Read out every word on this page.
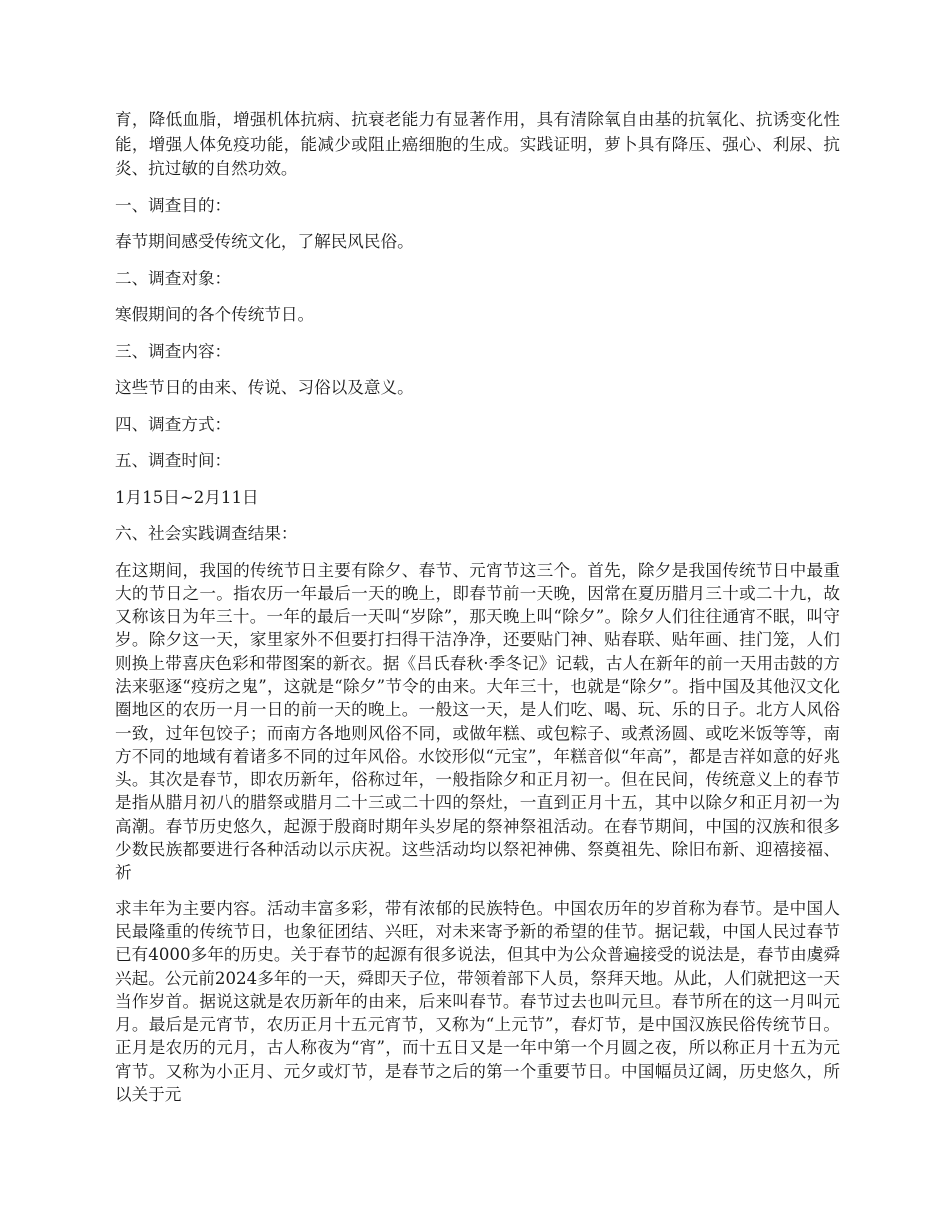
育，降低血脂，增强机体抗病、抗衰老能力有显著作用，具有清除氧自由基的抗氧化、抗诱变化性能，增强人体免疫功能，能减少或阻止癌细胞的生成。实践证明，萝卜具有降压、强心、利尿、抗炎、抗过敏的自然功效。

一、调查目的：

春节期间感受传统文化，了解民风民俗。

二、调查对象：

寒假期间的各个传统节日。

三、调查内容：

这些节日的由来、传说、习俗以及意义。

四、调查方式：

五、调查时间：

1月15日~2月11日

六、社会实践调查结果：

在这期间，我国的传统节日主要有除夕、春节、元宵节这三个。首先，除夕是我国传统节日中最重大的节日之一。指农历一年最后一天的晚上，即春节前一天晚，因常在夏历腊月三十或二十九，故又称该日为年三十。一年的最后一天叫“岁除”，那天晚上叫“除夕”。除夕人们往往通宵不眠，叫守岁。除夕这一天，家里家外不但要打扫得干洁净净，还要贴门神、贴春联、贴年画、挂门笼，人们则换上带喜庆色彩和带图案的新衣。据《吕氏春秋·季冬记》记载，古人在新年的前一天用击鼓的方法来驱逐“疫疠之鬼”，这就是“除夕”节令的由来。大年三十，也就是“除夕”。指中国及其他汉文化圈地区的农历一月一日的前一天的晚上。一般这一天，是人们吃、喝、玩、乐的日子。北方人风俗一致，过年包饺子；而南方各地则风俗不同，或做年糕、或包粽子、或煮汤圆、或吃米饭等等，南方不同的地域有着诸多不同的过年风俗。水饺形似“元宝”，年糕音似“年高”，都是吉祥如意的好兆头。其次是春节，即农历新年，俗称过年，一般指除夕和正月初一。但在民间，传统意义上的春节是指从腊月初八的腊祭或腊月二十三或二十四的祭灶，一直到正月十五，其中以除夕和正月初一为高潮。春节历史悠久，起源于殷商时期年头岁尾的祭神祭祖活动。在春节期间，中国的汉族和很多少数民族都要进行各种活动以示庆祝。这些活动均以祭祀神佛、祭奠祖先、除旧布新、迎禧接福、祈

求丰年为主要内容。活动丰富多彩，带有浓郁的民族特色。中国农历年的岁首称为春节。是中国人民最隆重的传统节日，也象征团结、兴旺，对未来寄予新的希望的佳节。据记载，中国人民过春节已有4000多年的历史。关于春节的起源有很多说法，但其中为公众普遍接受的说法是，春节由虞舜兴起。公元前2024多年的一天，舜即天子位，带领着部下人员，祭拜天地。从此，人们就把这一天当作岁首。据说这就是农历新年的由来，后来叫春节。春节过去也叫元旦。春节所在的这一月叫元月。最后是元宵节，农历正月十五元宵节，又称为“上元节”，春灯节，是中国汉族民俗传统节日。正月是农历的元月，古人称夜为“宵”，而十五日又是一年中第一个月圆之夜，所以称正月十五为元宵节。又称为小正月、元夕或灯节，是春节之后的第一个重要节日。中国幅员辽阔，历史悠久，所以关于元
